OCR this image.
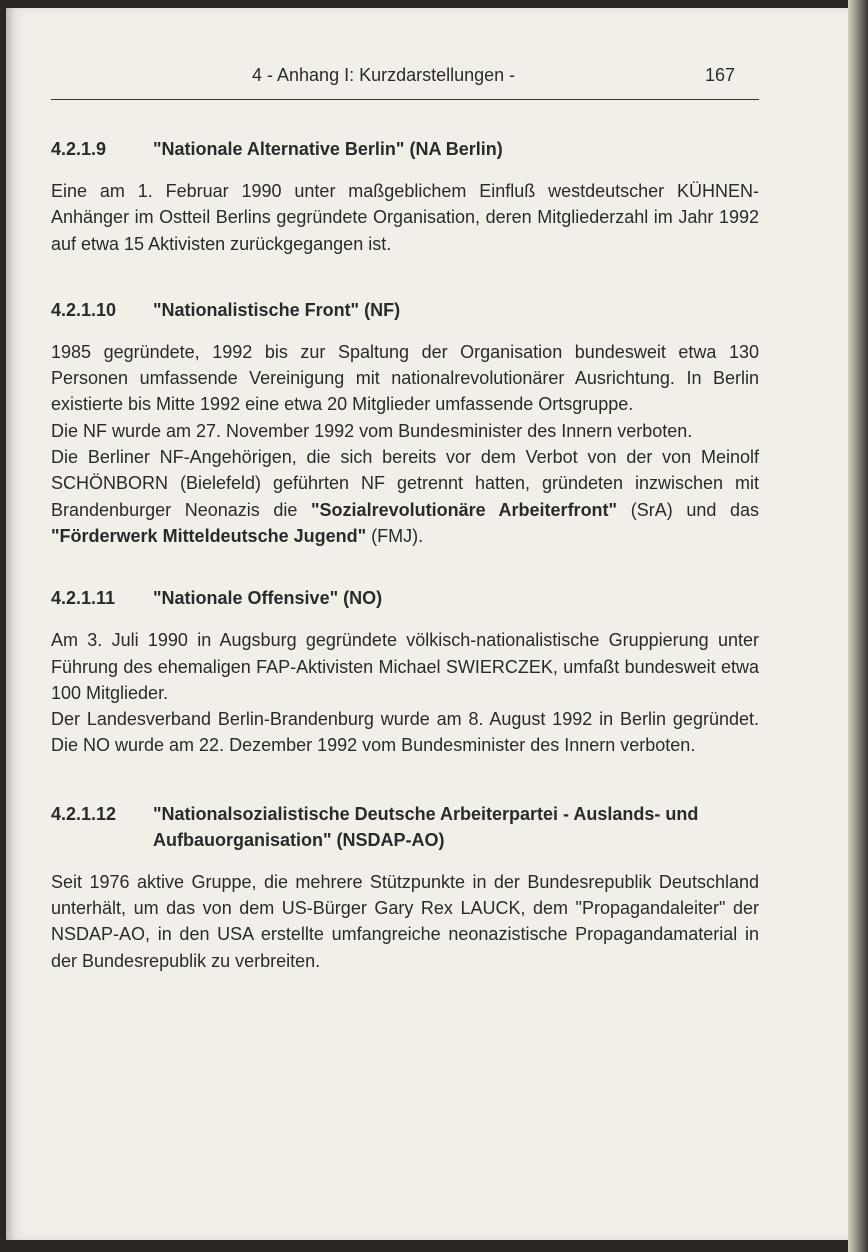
4 - Anhang I: Kurzdarstellungen -	167
4.2.1.9	"Nationale Alternative Berlin" (NA Berlin)

Eine am 1. Februar 1990 unter maßgeblichem Einfluß westdeutscher KÜHNEN-Anhänger im Ostteil Berlins gegründete Organisation, deren Mitgliederzahl im Jahr 1992 auf etwa 15 Aktivisten zurückgegangen ist.

4.2.1.10	"Nationalistische Front" (NF)

1985 gegründete, 1992 bis zur Spaltung der Organisation bundesweit etwa 130 Personen umfassende Vereinigung mit nationalrevolutionärer Ausrichtung. In Berlin existierte bis Mitte 1992 eine etwa 20 Mitglieder umfassende Ortsgruppe.

Die NF wurde am 27. November 1992 vom Bundesminister des Innern verboten.

Die Berliner NF-Angehörigen, die sich bereits vor dem Verbot von der von Meinolf SCHÖNBORN (Bielefeld) geführten NF getrennt hatten, gründeten inzwischen mit Brandenburger Neonazis die "Sozialrevolutionäre Arbeiterfront" (SrA) und das "Förderwerk Mitteldeutsche Jugend" (FMJ).

4.2.1.11	"Nationale Offensive" (NO)

Am 3. Juli 1990 in Augsburg gegründete völkisch-nationalistische Gruppierung unter Führung des ehemaligen FAP-Aktivisten Michael SWIERCZEK, umfaßt bundesweit etwa 100 Mitglieder.

Der Landesverband Berlin-Brandenburg wurde am 8. August 1992 in Berlin gegründet. Die NO wurde am 22. Dezember 1992 vom Bundesminister des Innern verboten.

4.2.1.12	"Nationalsozialistische Deutsche Arbeiterpartei - Auslands- und Aufbauorganisation" (NSDAP-AO)

Seit 1976 aktive Gruppe, die mehrere Stützpunkte in der Bundesrepublik Deutschland unterhält, um das von dem US-Bürger Gary Rex LAUCK, dem "Propagandaleiter" der NSDAP-AO, in den USA erstellte umfangreiche neonazistische Propagandamaterial in der Bundesrepublik zu verbreiten.
